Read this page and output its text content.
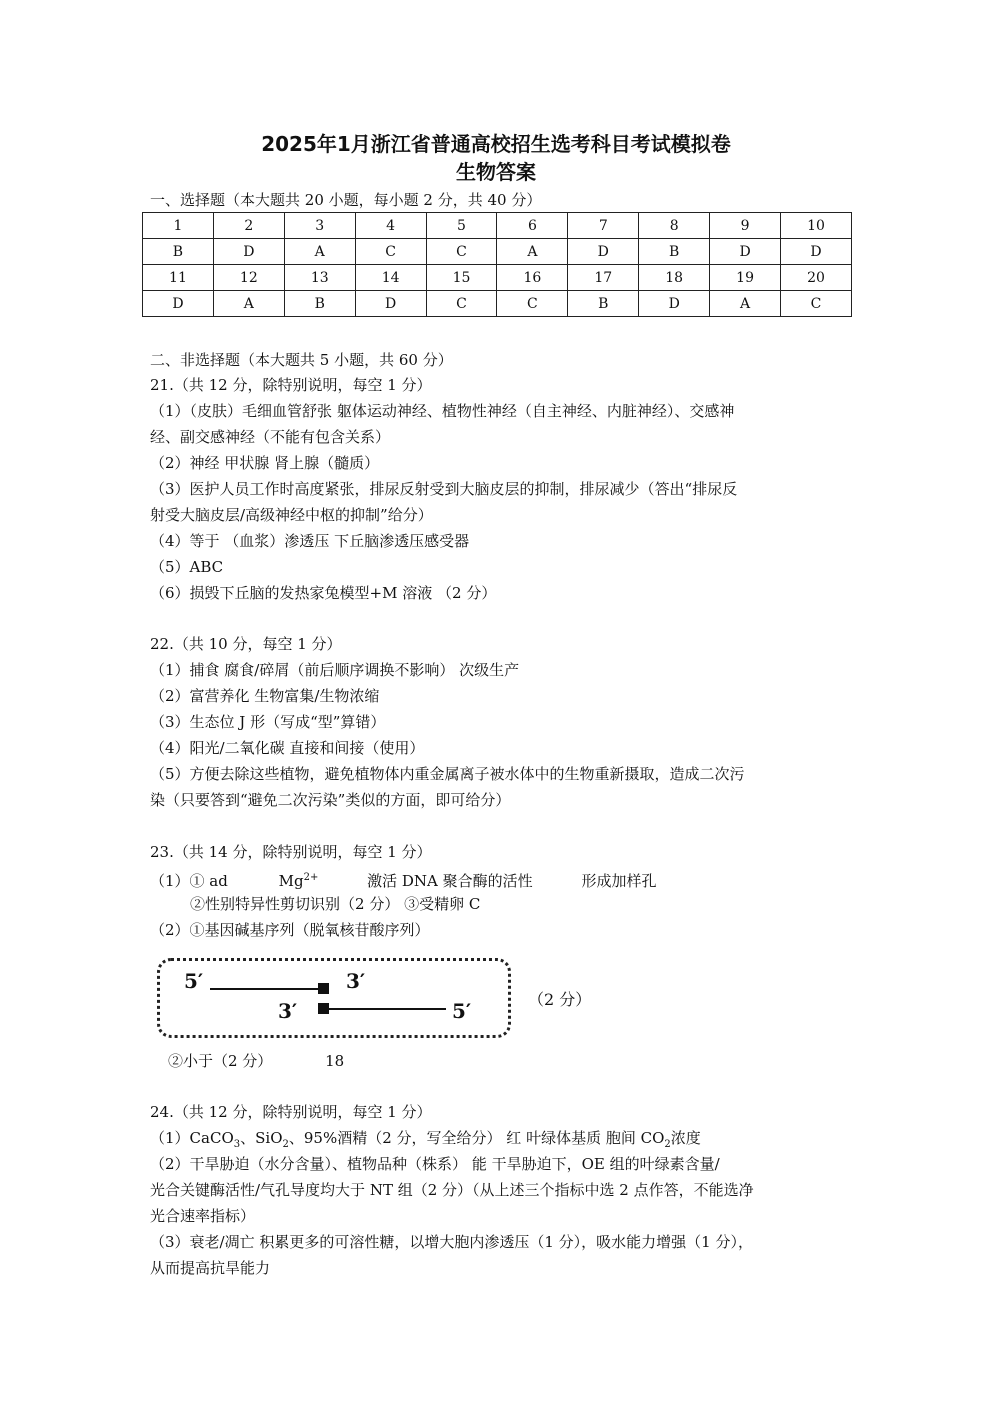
2025年1月浙江省普通高校招生选考科目考试模拟卷
生物答案
一、选择题（本大题共 20 小题，每小题 2 分，共 40 分）
1	2	3	4	5	6	7	8	9	10
B	D	A	C	C	A	D	B	D	D
11	12	13	14	15	16	17	18	19	20
D	A	B	D	C	C	B	D	A	C
二、非选择题（本大题共 5 小题，共 60 分）
21.（共 12 分，除特别说明，每空 1 分）
（1）（皮肤）毛细血管舒张 躯体运动神经、植物性神经（自主神经、内脏神经）、交感神
经、副交感神经（不能有包含关系）
（2）神经 甲状腺 肾上腺（髓质）
（3）医护人员工作时高度紧张，排尿反射受到大脑皮层的抑制，排尿减少（答出“排尿反
射受大脑皮层/高级神经中枢的抑制”给分）
（4）等于 （血浆）渗透压 下丘脑渗透压感受器
（5）ABC
（6）损毁下丘脑的发热家兔模型+M 溶液 （2 分）
22.（共 10 分，每空 1 分）
（1）捕食 腐食/碎屑（前后顺序调换不影响） 次级生产
（2）富营养化 生物富集/生物浓缩
（3）生态位 J 形（写成“型”算错）
（4）阳光/二氧化碳 直接和间接（使用）
（5）方便去除这些植物，避免植物体内重金属离子被水体中的生物重新摄取，造成二次污
染（只要答到“避免二次污染”类似的方面，即可给分）
23.（共 14 分，除特别说明，每空 1 分）
（1）① ad	$Mg^{2+}$	激活 DNA 聚合酶的活性	形成加样孔
②性别特异性剪切识别（2 分） ③受精卵 C
（2）①基因碱基序列（脱氧核苷酸序列）
5′	3′
3′	5′	（2 分）
②小于（2 分）	18
24.（共 12 分，除特别说明，每空 1 分）
（1）CaCO$_3$、SiO$_2$、95%酒精（2 分，写全给分） 红 叶绿体基质 胞间 $CO_2$浓度
（2）干旱胁迫（水分含量）、植物品种（株系） 能 干旱胁迫下，OE 组的叶绿素含量/
光合关键酶活性/气孔导度均大于 NT 组（2 分）（从上述三个指标中选 2 点作答，不能选净
光合速率指标）
（3）衰老/凋亡 积累更多的可溶性糖，以增大胞内渗透压（1 分），吸水能力增强（1 分），
从而提高抗旱能力
